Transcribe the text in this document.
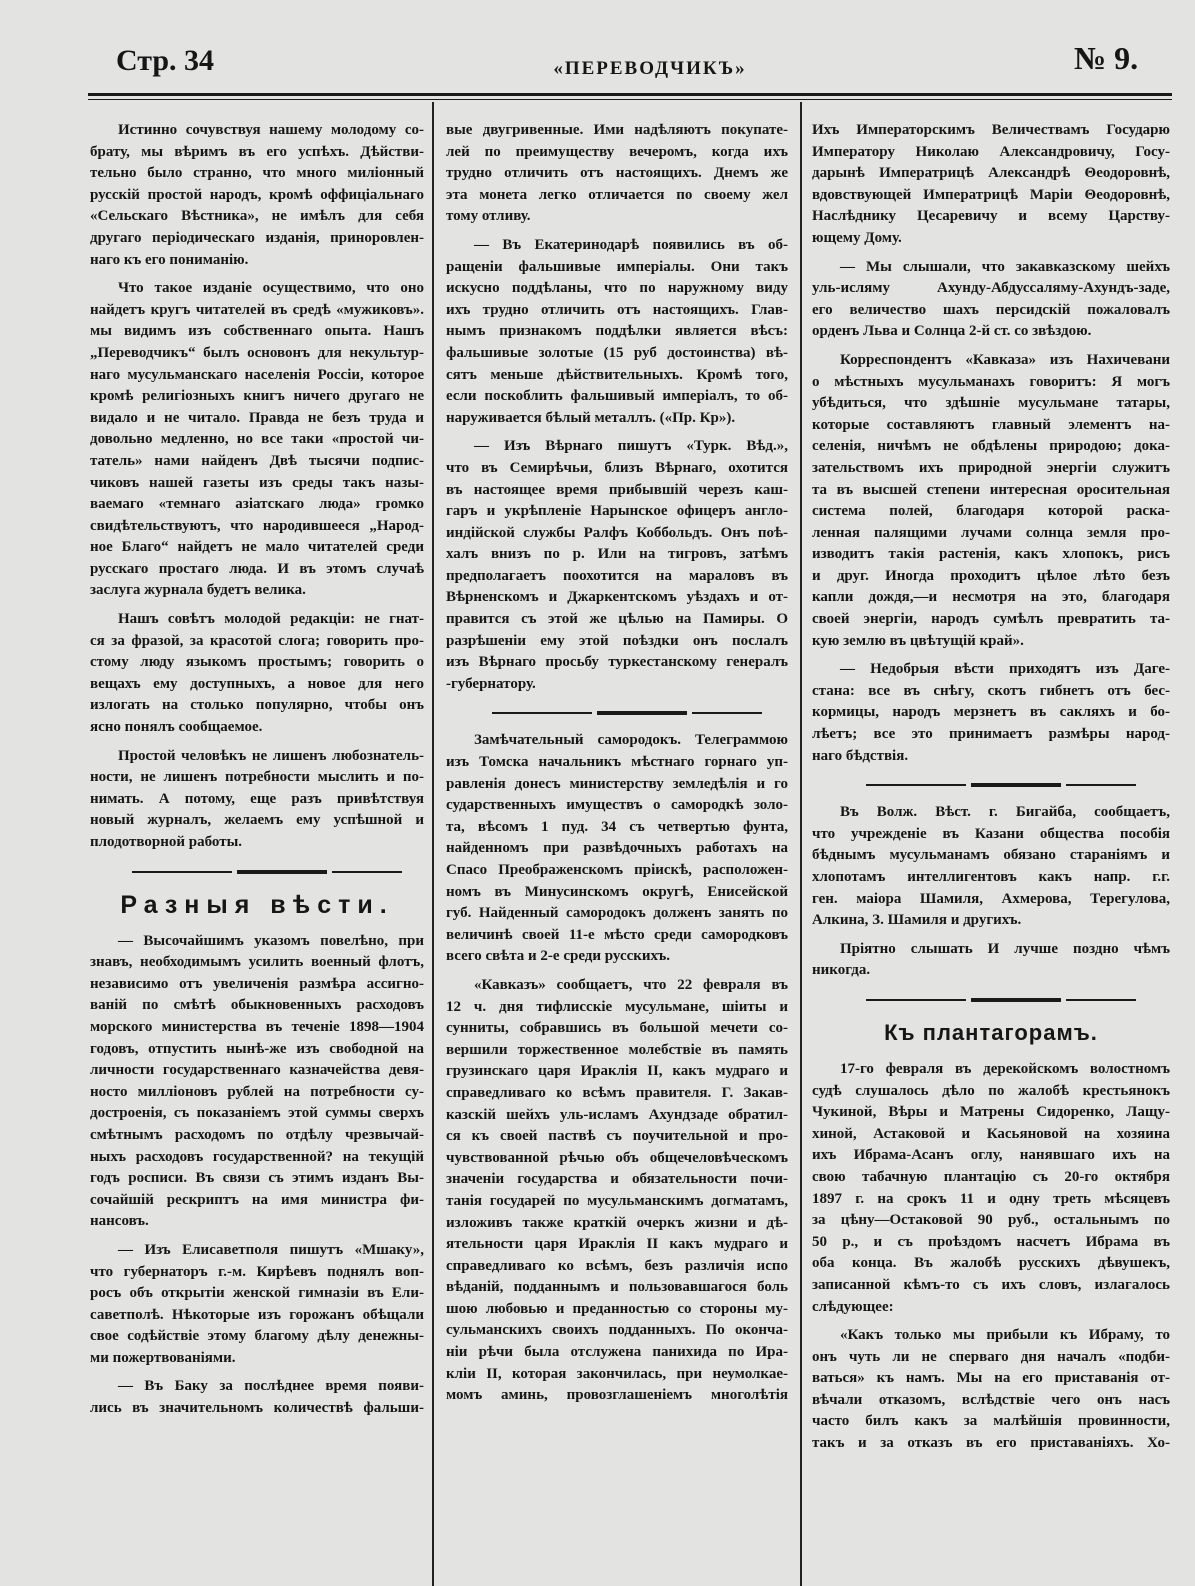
Стр. 34	«ПЕРЕВОДЧИКЪ»	№ 9.
Истинно сочувствуя нашему молодому со-
брату, мы вѣримъ въ его успѣхъ. Дѣйстви-
тельно было странно, что много милiонный
русскiй простой народъ, кромѣ оффицiальнаго
«Сельскаго Вѣстника», не имѣлъ для себя
другаго перiодическаго изданiя, приноровлен-
наго къ его пониманiю.
Что такое изданiе осуществимо, что оно
найдетъ кругъ читателей въ средѣ «мужиковъ».
мы видимъ изъ собственнаго опыта. Нашъ
„Переводчикъ“ былъ основонъ для некультур-
наго мусульманскаго населенiя Россiи, которое
кромѣ религiозныхъ книгъ ничего другаго не
видало и не читало. Правда не безъ труда и
довольно медленно, но все таки «простой чи-
татель» нами найденъ Двѣ тысячи подпис-
чиковъ нашей газеты изъ среды такъ назы-
ваемаго «темнаго азiатскаго люда» громко
свидѣтельствуютъ, что народившееся „Народ-
ное Благо“ найдетъ не мало читателей среди
русскаго простаго люда. И въ этомъ случаѣ
заслуга журнала будетъ велика.
Нашъ совѣтъ молодой редакцiи: не гнат-
ся за фразой, за красотой слога; говорить про-
стому люду языкомъ простымъ; говорить о
вещахъ ему доступныхъ, а новое для него
излогать на столько популярно, чтобы онъ
ясно понялъ сообщаемое.
Простой человѣкъ не лишенъ любознатель-
ности, не лишенъ потребности мыслить и по-
нимать. А потому, еще разъ привѣтствуя
новый журналъ, желаемъ ему успѣшной и
плодотворной работы.
Разныя вѣсти.
— Высочайшимъ указомъ повелѣно, при
знавъ, необходимымъ усилить военный флотъ,
независимо отъ увеличенiя размѣра ассигно-
ванiй по смѣтѣ обыкновенныхъ расходовъ
морского министерства въ теченiе 1898—1904
годовъ, отпустить нынѣ-же изъ свободной на
личности государственнаго казначейства девя-
носто миллiоновъ рублей на потребности су-
достроенiя, съ показанiемъ этой суммы сверхъ
смѣтнымъ расходомъ по отдѣлу чрезвычай-
ныхъ расходовъ государственной? на текущiй
годъ росписи. Въ связи съ этимъ изданъ Вы-
сочайшiй рескриптъ на имя министра фи-
нансовъ.
— Изъ Елисаветполя пишутъ «Мшаку»,
что губернаторъ г.-м. Кирѣевъ поднялъ воп-
росъ объ открытiи женской гимназiи въ Ели-
саветполѣ. Нѣкоторые изъ горожанъ обѣщали
свое содѣйствiе этому благому дѣлу денежны-
ми пожертвованiями.
— Въ Баку за послѣднее время появи-
лись въ значительномъ количествѣ фальши-
вые двугривенные. Ими надѣляютъ покупате-
лей по преимуществу вечеромъ, когда ихъ
трудно отличить отъ настоящихъ. Днемъ же
эта монета легко отличается по своему жел
тому отливу.
— Въ Екатеринодарѣ появились въ об-
ращенiи фальшивые имперiалы. Они такъ
искусно поддѣланы, что по наружному виду
ихъ трудно отличить отъ настоящихъ. Глав-
нымъ признакомъ поддѣлки является вѣсъ:
фальшивые золотые (15 руб достоинства) вѣ-
сятъ меньше дѣйствительныхъ. Кромѣ того,
если поскоблить фальшивый имперiалъ, то об-
наруживается бѣлый металлъ. («Пр. Кр»).
— Изъ Вѣрнаго пишутъ «Турк. Вѣд.»,
что въ Семирѣчьи, близъ Вѣрнаго, охотится
въ настоящее время прибывшiй черезъ каш-
гаръ и укрѣпленiе Нарынское офицеръ англо-
индiйской службы Ралфъ Коббольдъ. Онъ поѣ-
халъ внизъ по р. Или на тигровъ, затѣмъ
предполагаетъ поохотится на мараловъ въ
Вѣрненскомъ и Джаркентскомъ уѣздахъ и от-
правится съ этой же цѣлью на Памиры. О
разрѣшенiи ему этой поѣздки онъ послалъ
изъ Вѣрнаго просьбу туркестанскому генералъ
-губернатору.
Замѣчательный самородокъ. Телеграммою
изъ Томска начальникъ мѣстнаго горнаго уп-
равленiя донесъ министерству земледѣлiя и го
сударственныхъ имуществъ о самородкѣ золо-
та, вѣсомъ 1 пуд. 34 съ четвертью фунта,
найденномъ при развѣдочныхъ работахъ на
Спасо Преображенскомъ прiискѣ, расположен-
номъ въ Минусинскомъ округѣ, Енисейской
губ. Найденный самородокъ долженъ занять по
величинѣ своей 11-е мѣсто среди самородковъ
всего свѣта и 2-е среди русскихъ.
«Кавказъ» сообщаетъ, что 22 февраля въ
12 ч. дня тифлисскiе мусульмане, шiиты и
сунниты, собравшись въ большой мечети со-
вершили торжественное молебствiе въ память
грузинскаго царя Ираклiя II, какъ мудраго и
справедливаго ко всѣмъ правителя. Г. Закав-
казскiй шейхъ уль-исламъ Ахундзаде обратил-
ся къ своей паствѣ съ поучительной и про-
чувствованной рѣчью объ общечеловѣческомъ
значенiи государства и обязательности почи-
танiя государей по мусульманскимъ догматамъ,
изложивъ также краткiй очеркъ жизни и дѣ-
ятельности царя Ираклiя II какъ мудраго и
справедливаго ко всѣмъ, безъ различiя испо
вѣданiй, подданнымъ и пользовавшагося боль
шою любовью и преданностью со стороны му-
сульманскихъ своихъ подданныхъ. По оконча-
нiи рѣчи была отслужена панихида по Ира-
клiи II, которая закончилась, при неумолкае-
момъ аминь, провозглашенiемъ многолѣтiя
Ихъ Императорскимъ Величествамъ Государю
Императору Николаю Александровичу, Госу-
дарынѣ Императрицѣ Александрѣ Θеодоровнѣ,
вдовствующей Императрицѣ Марiи Θеодоровнѣ,
Наслѣднику Цесаревичу и всему Царству-
ющему Дому.
— Мы слышали, что закавказскому шейхъ
уль-исляму Ахунду-Абдуссаляму-Ахундъ-заде,
его величество шахъ персидскiй пожаловалъ
орденъ Льва и Солнца 2-й ст. со звѣздою.
Корреспондентъ «Кавказа» изъ Нахичевани
о мѣстныхъ мусульманахъ говоритъ: Я могъ
убѣдиться, что здѣшнiе мусульмане татары,
которые составляютъ главный элементъ на-
селенiя, ничѣмъ не обдѣлены природою; дока-
зательствомъ ихъ природной энергiи служитъ
та въ высшей степени интересная оросительная
система полей, благодаря которой раска-
ленная палящими лучами солнца земля про-
изводитъ такiя растенiя, какъ хлопокъ, рисъ
и друг. Иногда проходитъ цѣлое лѣто безъ
капли дождя,—и несмотря на это, благодаря
своей энергiи, народъ сумѣлъ превратить та-
кую землю въ цвѣтущiй край».
— Недобрыя вѣсти приходятъ изъ Даге-
стана: все въ снѣгу, скотъ гибнетъ отъ бес-
кормицы, народъ мерзнетъ въ сакляхъ и бо-
лѣетъ; все это принимаетъ размѣры народ-
наго бѣдствiя.
Въ Волж. Вѣст. г. Бигайба, сообщаетъ,
что учрежденiе въ Казани общества пособiя
бѣднымъ мусульманамъ обязано старанiямъ и
хлопотамъ интеллигентовъ какъ напр. г.г.
ген. маiора Шамиля, Ахмерова, Терегулова,
Алкина, З. Шамиля и другихъ.
Прiятно слышать И лучше поздно чѣмъ
никогда.
Къ плантагорамъ.
17-го февраля въ дерекойскомъ волостномъ
судѣ слушалось дѣло по жалобѣ крестьянокъ
Чукиной, Вѣры и Матрены Сидоренко, Лащу-
хиной, Астаковой и Касьяновой на хозяина
ихъ Ибрама-Асанъ оглу, нанявшаго ихъ на
свою табачную плантацiю съ 20-го октября
1897 г. на срокъ 11 и одну треть мѣсяцевъ
за цѣну—Остаковой 90 руб., остальнымъ по
50 р., и съ проѣздомъ насчетъ Ибрама въ
оба конца. Въ жалобѣ русскихъ дѣвушекъ,
записанной кѣмъ-то съ ихъ словъ, излагалось
слѣдующее:
«Какъ только мы прибыли къ Ибраму, то
онъ чуть ли не сперваго дня началъ «подби-
ваться» къ намъ. Мы на его приставанiя от-
вѣчали отказомъ, вслѣдствiе чего онъ насъ
часто билъ какъ за малѣйшiя провинности,
такъ и за отказъ въ его приставанiяхъ. Хо-
